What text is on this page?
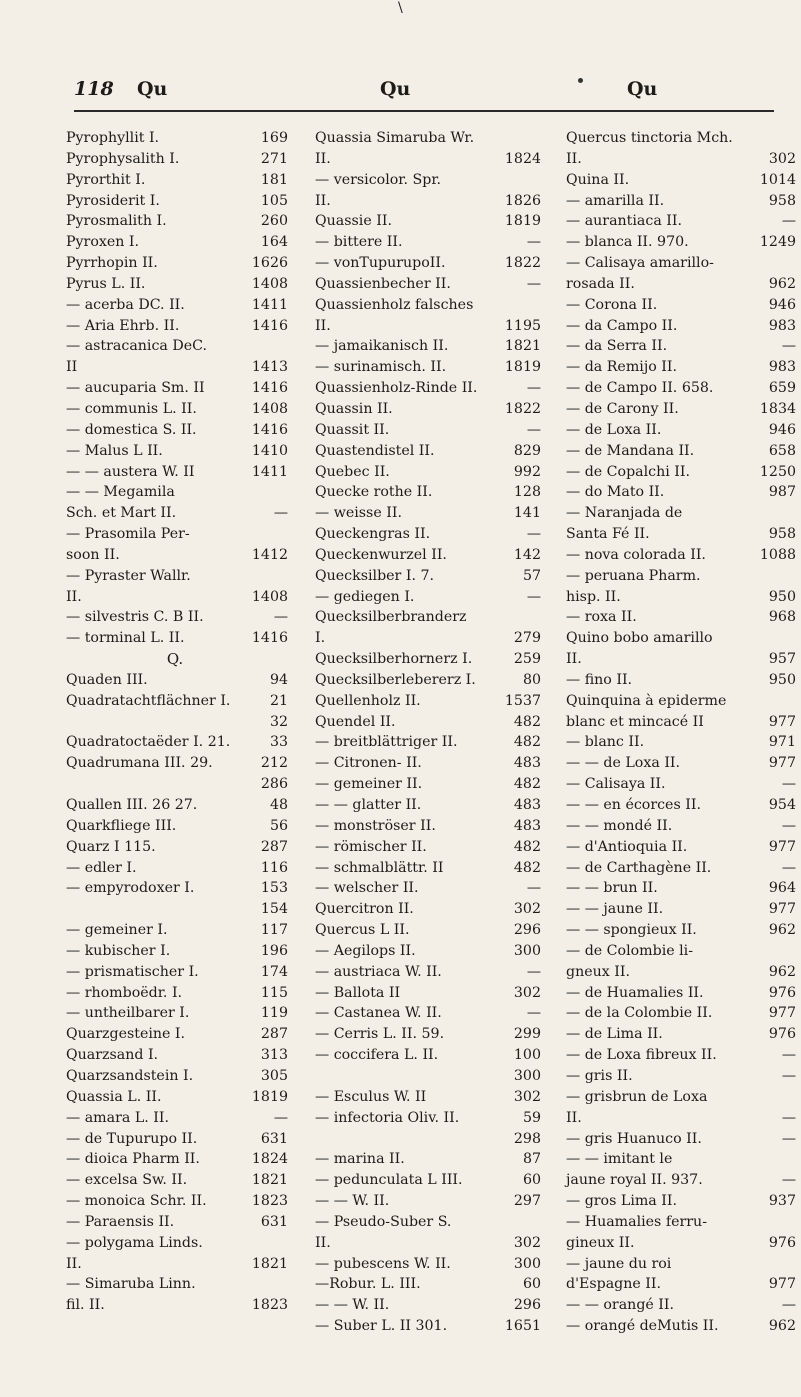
\
118 Qu	Qu	Qu
Pyrophyllit I.	169
Pyrophysalith I.	271
Pyrorthit I.	181
Pyrosiderit I.	105
Pyrosmalith I.	260
Pyroxen I.	164
Pyrrhopin II.	1626
Pyrus L. II.	1408
— acerba DC. II.	1411
— Aria Ehrb. II.	1416
— astracanica DeC.
II	1413
— aucuparia Sm. II	1416
— communis L. II.	1408
— domestica S. II.	1416
— Malus L II.	1410
— — austera W. II	1411
— — Megamila
Sch. et Mart II.	—
— Prasomila Per-
soon II.	1412
— Pyraster Wallr.
II.	1408
— silvestris C. B II.	—
— torminal L. II.	1416
Q.
Quaden III.	94
Quadratachtflächner I.	21
32
Quadratoctaëder I. 21.	33
Quadrumana III. 29.	212
286
Quallen III. 26 27.	48
Quarkfliege III.	56
Quarz I 115.	287
— edler I.	116
— empyrodoxer I.	153
154
— gemeiner I.	117
— kubischer I.	196
— prismatischer I.	174
— rhomboëdr. I.	115
— untheilbarer I.	119
Quarzgesteine I.	287
Quarzsand I.	313
Quarzsandstein I.	305
Quassia L. II.	1819
— amara L. II.	—
— de Tupurupo II.	631
— dioica Pharm II.	1824
— excelsa Sw. II.	1821
— monoica Schr. II.	1823
— Paraensis II.	631
— polygama Linds.
II.	1821
— Simaruba Linn.
fil. II.	1823
Quassia Simaruba Wr.
II.	1824
— versicolor. Spr.
II.	1826
Quassie II.	1819
— bittere II.	—
— vonTupurupoII.	1822
Quassienbecher II.	—
Quassienholz falsches
II.	1195
— jamaikanisch II.	1821
— surinamisch. II.	1819
Quassienholz-Rinde II.	—
Quassin II.	1822
Quassit II.	—
Quastendistel II.	829
Quebec II.	992
Quecke rothe II.	128
— weisse II.	141
Queckengras II.	—
Queckenwurzel II.	142
Quecksilber I. 7.	57
— gediegen I.	—
Quecksilberbranderz
I.	279
Quecksilberhornerz I.	259
Quecksilberlebererz I.	80
Quellenholz II.	1537
Quendel II.	482
— breitblättriger II.	482
— Citronen- II.	483
— gemeiner II.	482
— — glatter II.	483
— monströser II.	483
— römischer II.	482
— schmalblättr. II	482
— welscher II.	—
Quercitron II.	302
Quercus L II.	296
— Aegilops II.	300
— austriaca W. II.	—
— Ballota II	302
— Castanea W. II.	—
— Cerris L. II. 59.	299
— coccifera L. II.	100
300
— Esculus W. II	302
— infectoria Oliv. II.	59
298
— marina II.	87
— pedunculata L III.	60
— — W. II.	297
— Pseudo-Suber S.
II.	302
— pubescens W. II.	300
—Robur. L. III.	60
— — W. II.	296
— Suber L. II 301.	1651
Quercus tinctoria Mch.
II.	302
Quina II.	1014
— amarilla II.	958
— aurantiaca II.	—
— blanca II. 970.	1249
— Calisaya amarillo-
rosada II.	962
— Corona II.	946
— da Campo II.	983
— da Serra II.	—
— da Remijo II.	983
— de Campo II. 658.	659
— de Carony II.	1834
— de Loxa II.	946
— de Mandana II.	658
— de Copalchi II.	1250
— do Mato II.	987
— Naranjada de
Santa Fé II.	958
— nova colorada II.	1088
— peruana Pharm.
hisp. II.	950
— roxa II.	968
Quino bobo amarillo
II.	957
— fino II.	950
Quinquina à epiderme
blanc et mincacé II	977
— blanc II.	971
— — de Loxa II.	977
— Calisaya II.	—
— — en écorces II.	954
— — mondé II.	—
— d'Antioquia II.	977
— de Carthagène II.	—
— — brun II.	964
— — jaune II.	977
— — spongieux II.	962
— de Colombie li-
gneux II.	962
— de Huamalies II.	976
— de la Colombie II.	977
— de Lima II.	976
— de Loxa fibreux II.	—
— gris II.	—
— grisbrun de Loxa
II.	—
— gris Huanuco II.	—
— — imitant le
jaune royal II. 937.	—
— gros Lima II.	937
— Huamalies ferru-
gineux II.	976
— jaune du roi
d'Espagne II.	977
— — orangé II.	—
— orangé deMutis II.	962
